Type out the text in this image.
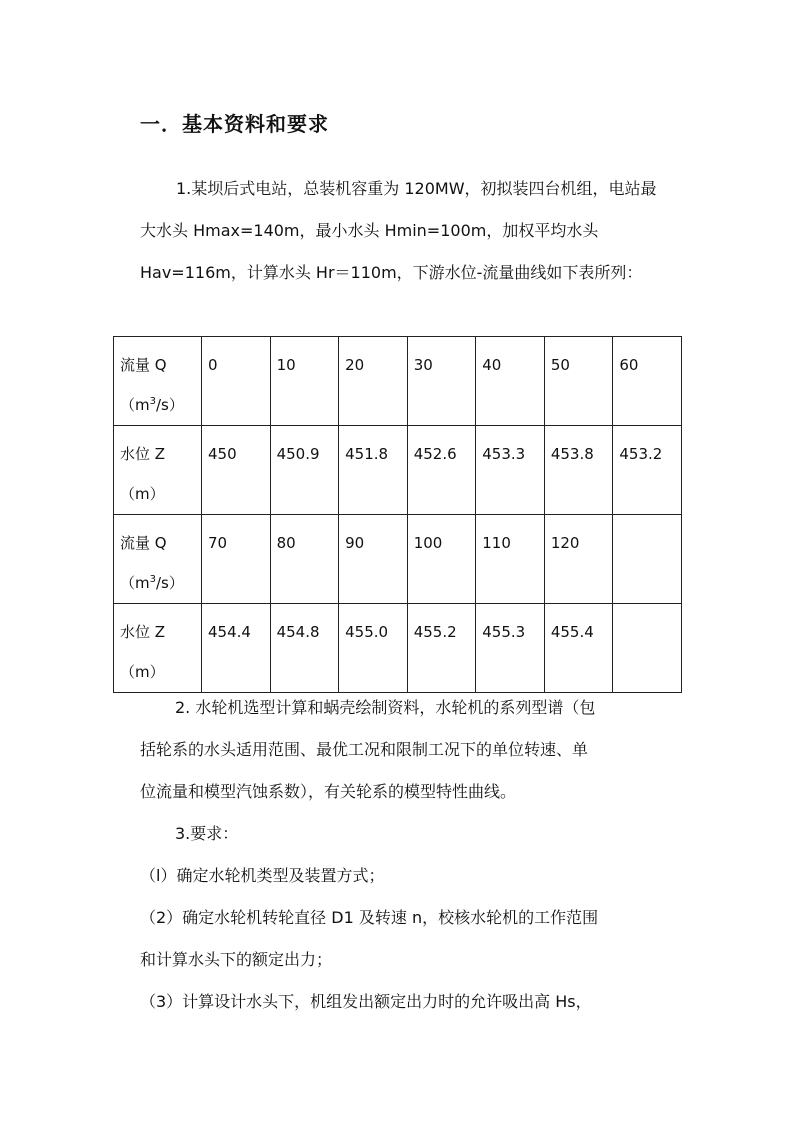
一．基本资料和要求

1.某坝后式电站，总装机容重为 120MW，初拟装四台机组，电站最大水头 Hmax=140m，最小水头 Hmin=100m，加权平均水头 Hav=116m，计算水头 Hr＝110m，下游水位-流量曲线如下表所列：

流量 Q
$(m^3/s)$	0	10	20	30	40	50	60

水位 Z
（m）	450	450.9	451.8	452.6	453.3	453.8	453.2

流量 Q
$(m^3/s)$	70	80	90	100	110	120	

水位 Z
（m）	454.4	454.8	455.0	455.2	455.3	455.4	
2. 水轮机选型计算和蜗壳绘制资料，水轮机的系列型谱（包
括轮系的水头适用范围、最优工况和限制工况下的单位转速、单
位流量和模型汽蚀系数），有关轮系的模型特性曲线。
3.要求：
（l）确定水轮机类型及装置方式；
（2）确定水轮机转轮直径 D1 及转速 n，校核水轮机的工作范围
和计算水头下的额定出力；
（3）计算设计水头下，机组发出额定出力时的允许吸出高 Hs，
